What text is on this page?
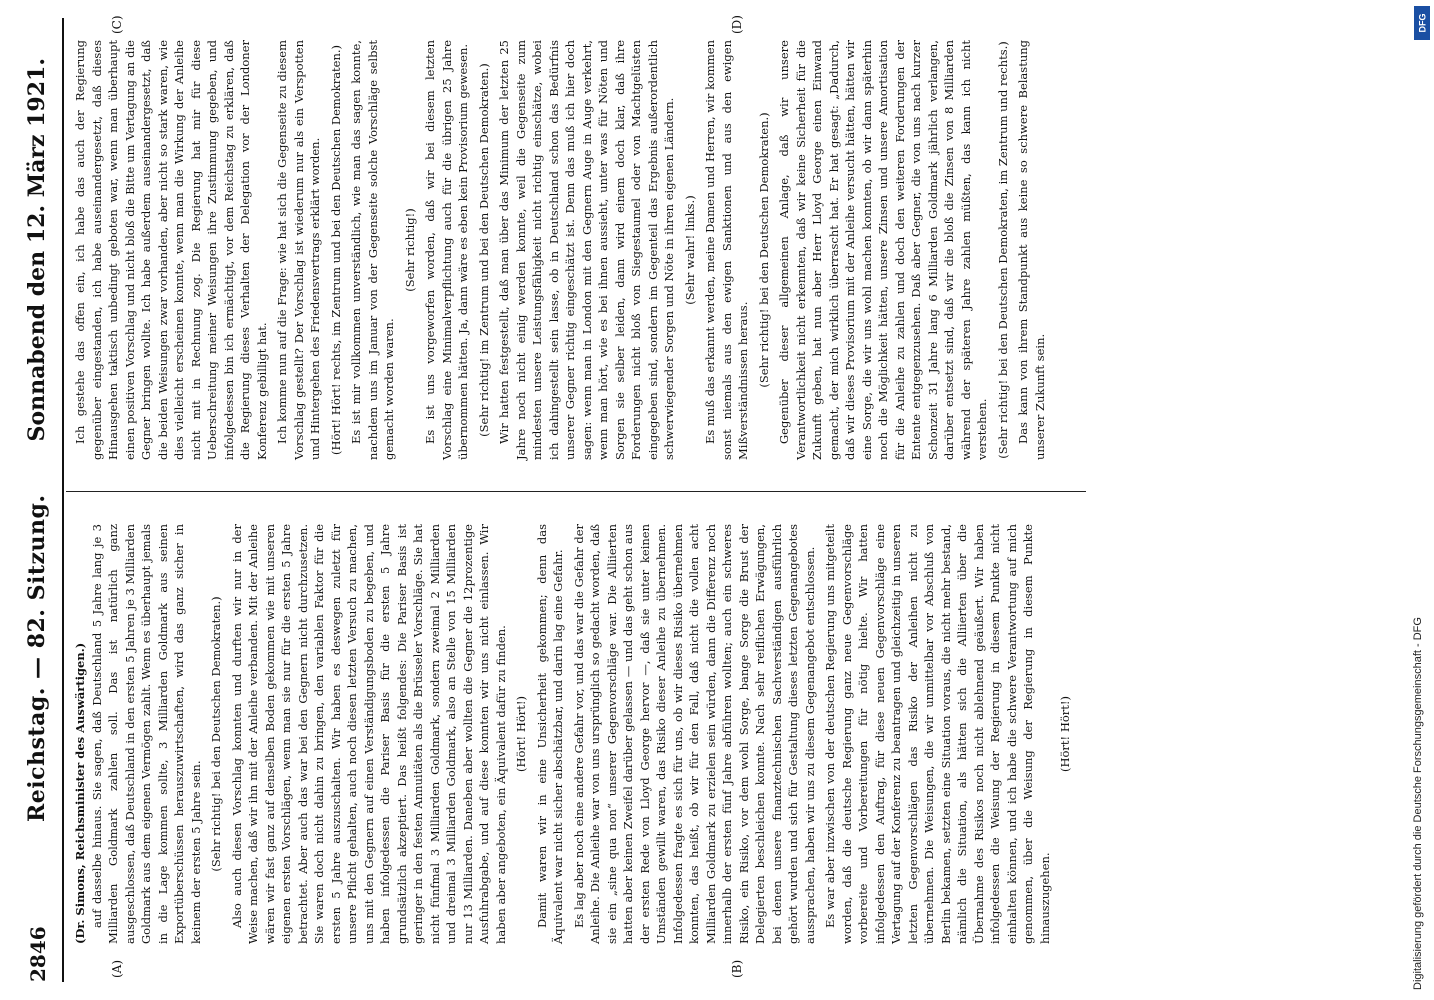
2846
Reichstag. — 82. Sitzung.
Sonnabend den 12. März 1921.
(A)	(B)
(C)	(D)
(Dr. Simons, Reichsminister des Auswärtigen.) auf dasselbe hinaus. Sie sagen, daß Deutschland 5 Jahre lang je 3 Milliarden Goldmark zahlen soll. Das ist natürlich ganz ausgeschlossen, daß Deutschland in den ersten 5 Jahren je 3 Milliarden Goldmark aus dem eigenen Vermögen zahlt. Wenn es überhaupt jemals in die Lage kommen sollte, 3 Milliarden Goldmark aus seinen Exportüberschüssen herauszuwirtschaften, wird das ganz sicher in keinem der ersten 5 Jahre sein. (Sehr richtig! bei den Deutschen Demokraten.) Also auch diesen Vorschlag konnten und durften wir nur in der Weise machen, daß wir ihn mit der Anleihe verbanden. Mit der Anleihe wären wir fast ganz auf denselben Boden gekommen wie mit unseren eigenen ersten Vorschlägen, wenn man sie nur für die ersten 5 Jahre betrachtet. Aber auch das war bei den Gegnern nicht durchzusetzen. Sie waren doch nicht dahin zu bringen, den variablen Faktor für die ersten 5 Jahre auszuschalten. Wir haben es deswegen zuletzt für unsere Pflicht gehalten, auch noch diesen letzten Versuch zu machen, uns mit den Gegnern auf einen Verständigungsboden zu begeben, und haben infolgedessen die Pariser Basis für die ersten 5 Jahre grundsätzlich akzeptiert. Das heißt folgendes: Die Pariser Basis ist geringer in den festen Annuitäten als die Brüsseler Vorschläge. Sie hat nicht fünfmal 3 Milliarden Goldmark, sondern zweimal 2 Milliarden und dreimal 3 Milliarden Goldmark, also an Stelle von 15 Milliarden nur 13 Milliarden. Daneben aber wollten die Gegner die 12prozentige Ausfuhrabgabe, und auf diese konnten wir uns nicht einlassen. Wir haben aber angeboten, ein Äquivalent dafür zu finden. (Hört! Hört!) Damit waren wir in eine Unsicherheit gekommen; denn das Äquivalent war nicht sicher abschätzbar, und darin lag eine Gefahr. Es lag aber noch eine andere Gefahr vor, und das war die Gefahr der Anleihe. Die Anleihe war von uns ursprünglich so gedacht worden, daß sie ein „sine qua non“ unserer Gegenvorschläge war. Die Alliierten hatten aber keinen Zweifel darüber gelassen — und das geht schon aus der ersten Rede von Lloyd George hervor —, daß sie unter keinen Umständen gewillt waren, das Risiko dieser Anleihe zu übernehmen. Infolgedessen fragte es sich für uns, ob wir dieses Risiko übernehmen konnten, das heißt, ob wir für den Fall, daß nicht die vollen acht Milliarden Goldmark zu erzielen sein würden, dann die Differenz noch innerhalb der ersten fünf Jahre abführen wollten; auch ein schweres Risiko, ein Risiko, vor dem wohl Sorge, bange Sorge die Brust der Delegierten beschleichen konnte. Nach sehr reiflichen Erwägungen, bei denen unsere finanztechnischen Sachverständigen ausführlich gehört wurden und sich für Gestaltung dieses letzten Gegenangebotes aussprachen, haben wir uns zu diesem Gegenangebot entschlossen. Es war aber inzwischen von der deutschen Regierung uns mitgeteilt worden, daß die deutsche Regierung ganz neue Gegenvorschläge vorbereite und Vorbereitungen für nötig hielte. Wir hatten infolgedessen den Auftrag, für diese neuen Gegenvorschläge eine Vertagung auf der Konferenz zu beantragen und gleichzeitig in unseren letzten Gegenvorschlägen das Risiko der Anleihen nicht zu übernehmen. Die Weisungen, die wir unmittelbar vor Abschluß von Berlin bekamen, setzten eine Situation voraus, die nicht mehr bestand, nämlich die Situation, als hätten sich die Alliierten über die Übernahme des Risikos noch nicht ablehnend geäußert. Wir haben infolgedessen die Weisung der Regierung in diesem Punkte nicht einhalten können, und ich habe die schwere Verantwortung auf mich genommen, über die Weisung der Regierung in diesem Punkte hinauszugehen.

(Hört! Hört!)

Ich gestehe das offen ein, ich habe das auch der Regierung gegenüber eingestanden, ich habe auseinandergesetzt, daß dieses Hinausgehen taktisch unbedingt geboten war, wenn man überhaupt einen positiven Vorschlag und nicht bloß die Bitte um Vertagung an die Gegner bringen wollte. Ich habe außerdem auseinandergesetzt, daß die beiden Weisungen zwar vorhanden, aber nicht so stark waren, wie dies vielleicht erscheinen konnte, wenn man die Wirkung der Anleihe nicht mit in Rechnung zog. Die Regierung hat mir für diese Ueberschreitung meiner Weisungen ihre Zustimmung gegeben, und infolgedessen bin ich ermächtigt, vor dem Reichstag zu erklären, daß die Regierung dieses Verhalten der Delegation vor der Londoner Konferenz gebilligt hat. Ich komme nun auf die Frage: wie hat sich die Gegenseite zu diesem Vorschlag gestellt? Der Vorschlag ist wiederum nur als ein Verspotten und Hintergehen des Friedensvertrags erklärt worden. (Hört! Hört! rechts, im Zentrum und bei den Deutschen Demokraten.) Es ist mir vollkommen unverständlich, wie man das sagen konnte, nachdem uns im Januar von der Gegenseite solche Vorschläge selbst gemacht worden waren.

(Sehr richtig!) Es ist uns vorgeworfen worden, daß wir bei diesem letzten Vorschlag eine Minimalverpflichtung auch für die übrigen 25 Jahre übernommen hätten. Ja, dann wäre es eben kein Provisorium gewesen. (Sehr richtig! im Zentrum und bei den Deutschen Demokraten.) Wir hatten festgestellt, daß man über das Minimum der letzten 25 Jahre noch nicht einig werden konnte, weil die Gegenseite zum mindesten unsere Leistungsfähigkeit nicht richtig einschätze, wobei ich dahingestellt sein lasse, ob in Deutschland schon das Bedürfnis unserer Gegner richtig eingeschätzt ist. Denn das muß ich hier doch sagen: wenn man in London mit den Gegnern Auge in Auge verkehrt, wenn man hört, wie es bei ihnen aussieht, unter was für Nöten und Sorgen sie selber leiden, dann wird einem doch klar, daß ihre Forderungen nicht bloß von Siegestaumel oder von Machtgelüsten eingegeben sind, sondern im Gegenteil das Ergebnis außerordentlich schwerwiegender Sorgen und Nöte in ihren eigenen Ländern. (Sehr wahr! links.) Es muß das erkannt werden, meine Damen und Herren, wir kommen sonst niemals aus den ewigen Sanktionen und aus den ewigen Mißverständnissen heraus. (Sehr richtig! bei den Deutschen Demokraten.) Gegenüber dieser allgemeinen Anlage, daß wir unsere Verantwortlichkeit nicht erkennten, daß wir keine Sicherheit für die Zukunft geben, hat nun aber Herr Lloyd George einen Einwand gemacht, der mich wirklich überrascht hat. Er hat gesagt: „Dadurch, daß wir dieses Provisorium mit der Anleihe versucht hätten, hätten wir eine Sorge, die wir uns wohl machen konnten, ob wir dann späterhin noch die Möglichkeit hätten, unsere Zinsen und unsere Amortisation für die Anleihe zu zahlen und doch den weiteren Forderungen der Entente entgegenzusehen. Daß aber Gegner, die von uns nach kurzer Schonzeit 31 Jahre lang 6 Milliarden Goldmark jährlich verlangen, darüber entsetzt sind, daß wir die bloß die Zinsen von 8 Milliarden während der späteren Jahre zahlen müßten, das kann ich nicht verstehen. (Sehr richtig! bei den Deutschen Demokraten, im Zentrum und rechts.) Das kann von ihrem Standpunkt aus keine so schwere Belastung unserer Zukunft sein.

DFG
Digitalisierung gefördert durch die Deutsche Forschungsgemeinschaft - DFG
